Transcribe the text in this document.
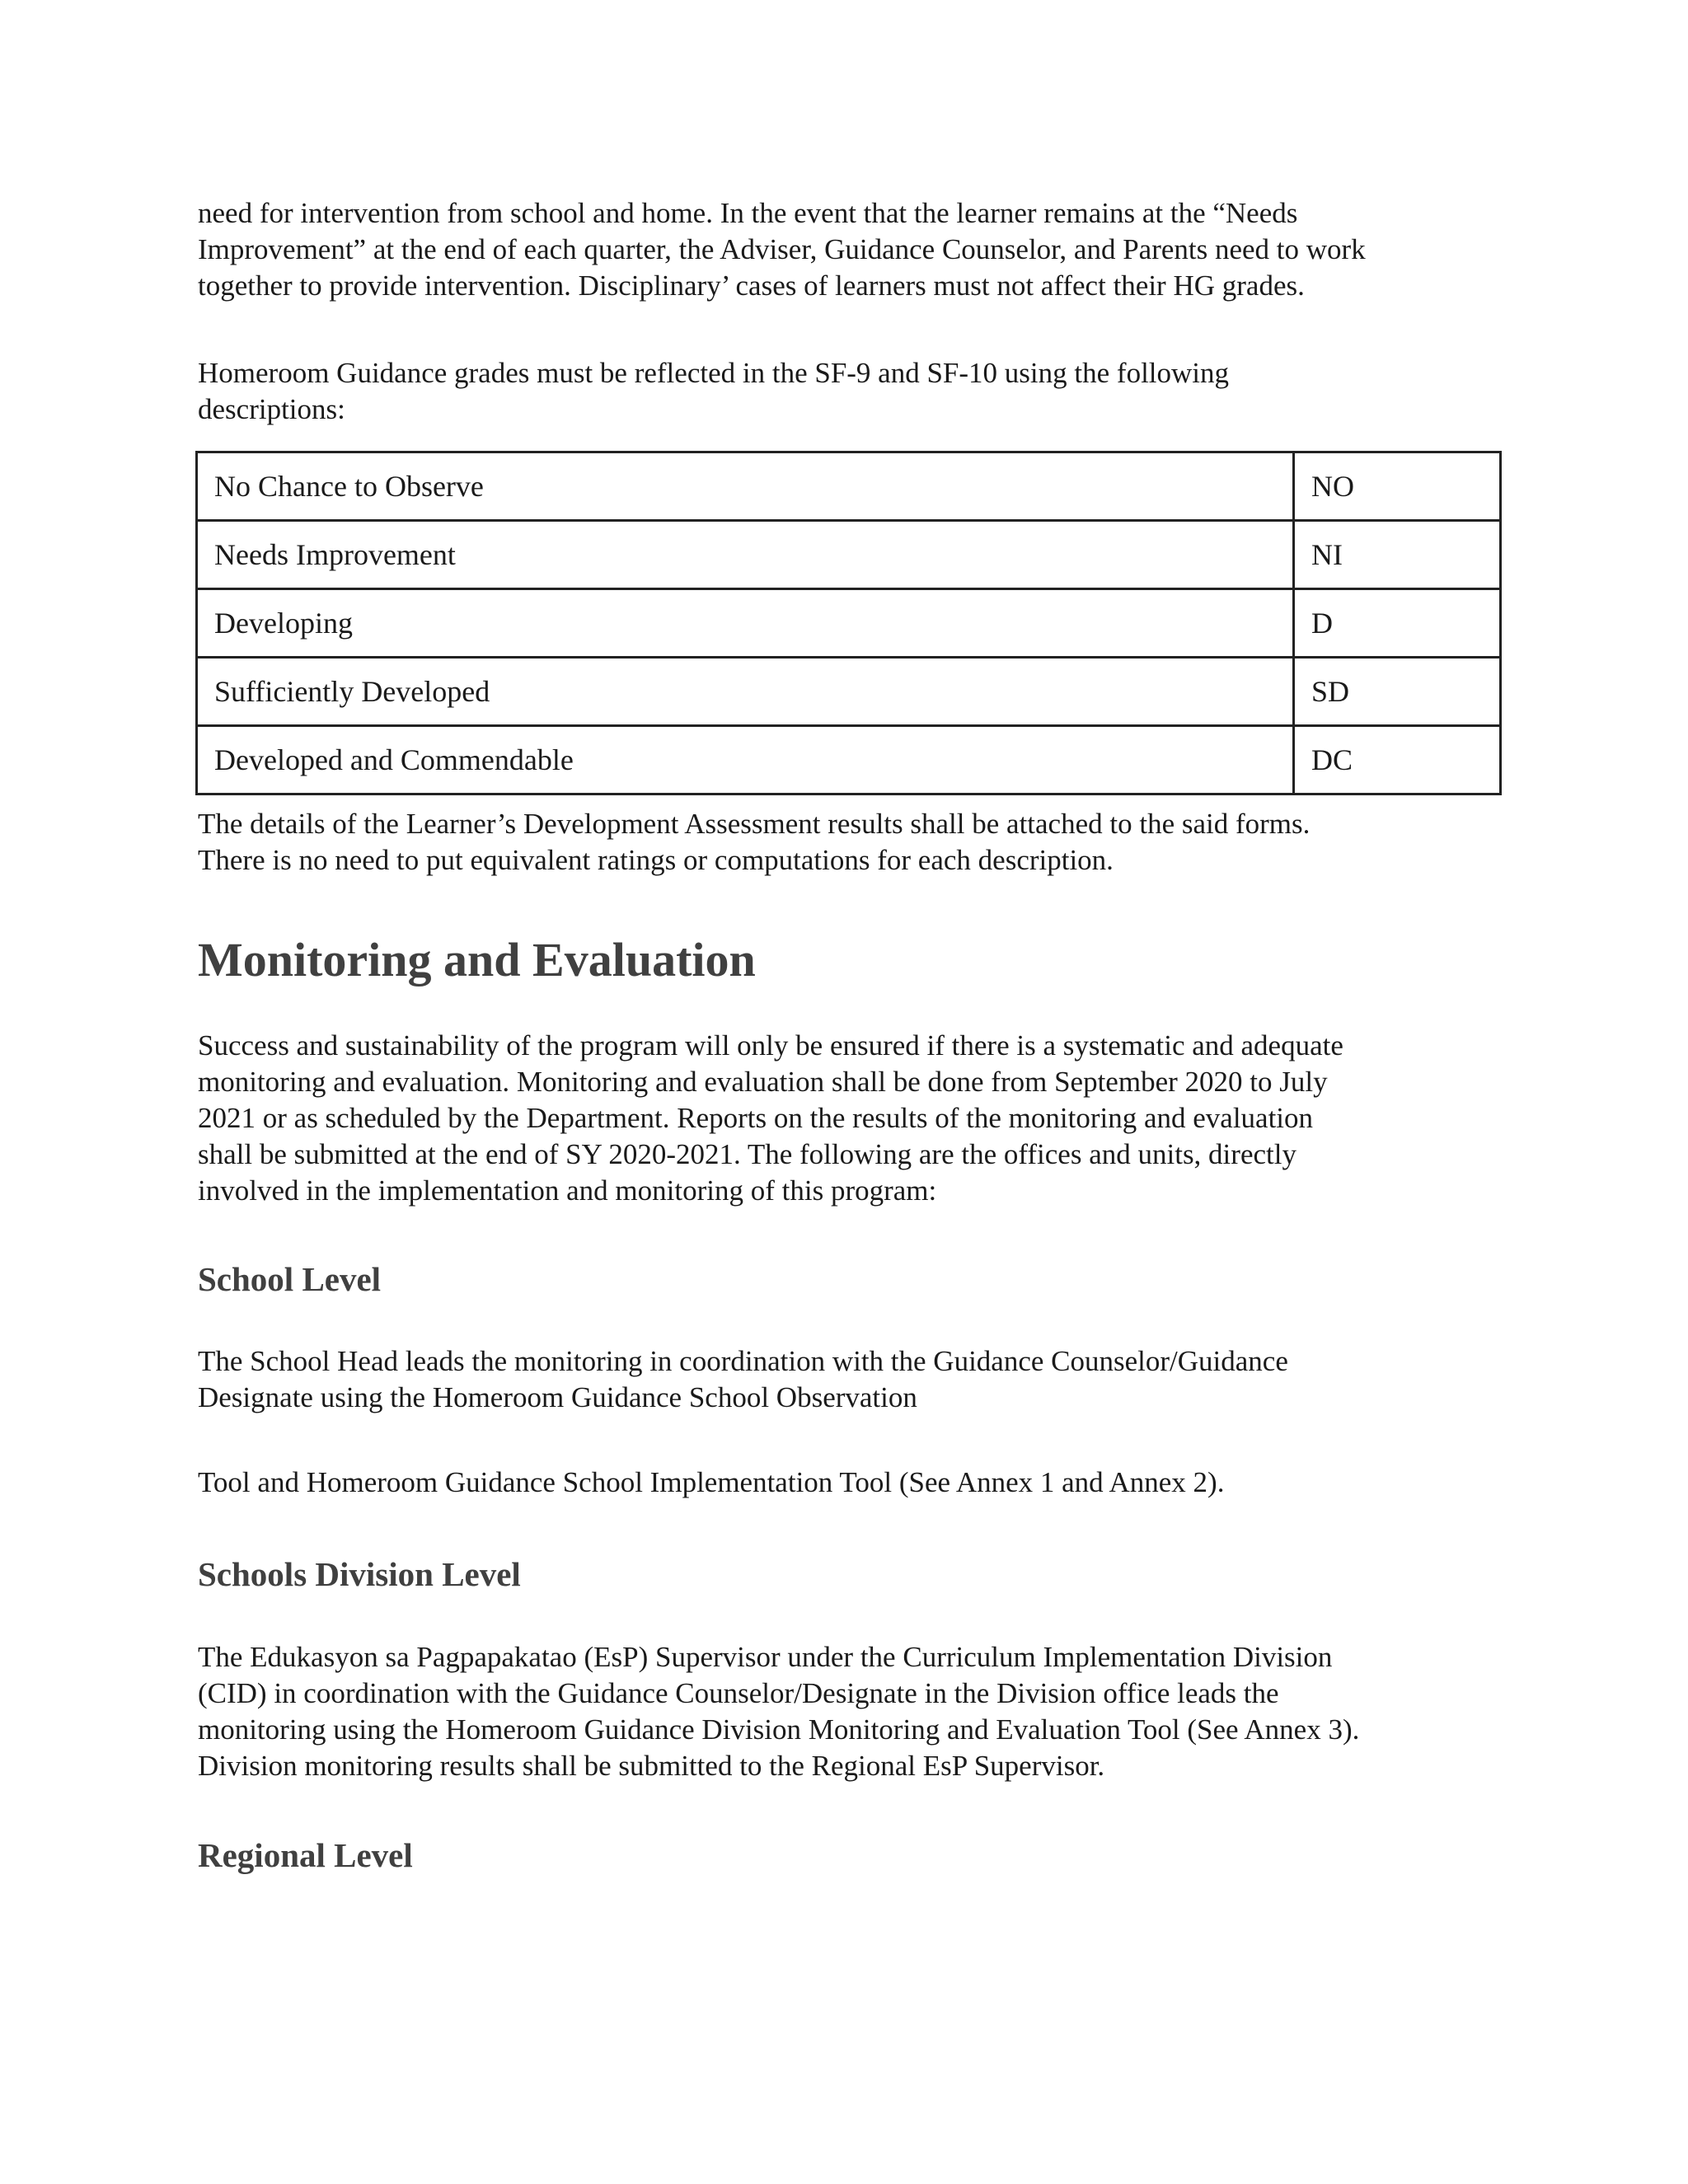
need for intervention from school and home. In the event that the learner remains at the “Needs
Improvement” at the end of each quarter, the Adviser, Guidance Counselor, and Parents need to work
together to provide intervention. Disciplinary’ cases of learners must not affect their HG grades.

Homeroom Guidance grades must be reflected in the SF-9 and SF-10 using the following
descriptions:

No Chance to Observe	NO
Needs Improvement	NI
Developing	D
Sufficiently Developed	SD
Developed and Commendable	DC

The details of the Learner’s Development Assessment results shall be attached to the said forms.
There is no need to put equivalent ratings or computations for each description.

Monitoring and Evaluation

Success and sustainability of the program will only be ensured if there is a systematic and adequate
monitoring and evaluation. Monitoring and evaluation shall be done from September 2020 to July
2021 or as scheduled by the Department. Reports on the results of the monitoring and evaluation
shall be submitted at the end of SY 2020-2021. The following are the offices and units, directly
involved in the implementation and monitoring of this program:

School Level

The School Head leads the monitoring in coordination with the Guidance Counselor/Guidance
Designate using the Homeroom Guidance School Observation

Tool and Homeroom Guidance School Implementation Tool (See Annex 1 and Annex 2).

Schools Division Level

The Edukasyon sa Pagpapakatao (EsP) Supervisor under the Curriculum Implementation Division
(CID) in coordination with the Guidance Counselor/Designate in the Division office leads the
monitoring using the Homeroom Guidance Division Monitoring and Evaluation Tool (See Annex 3).
Division monitoring results shall be submitted to the Regional EsP Supervisor.

Regional Level
